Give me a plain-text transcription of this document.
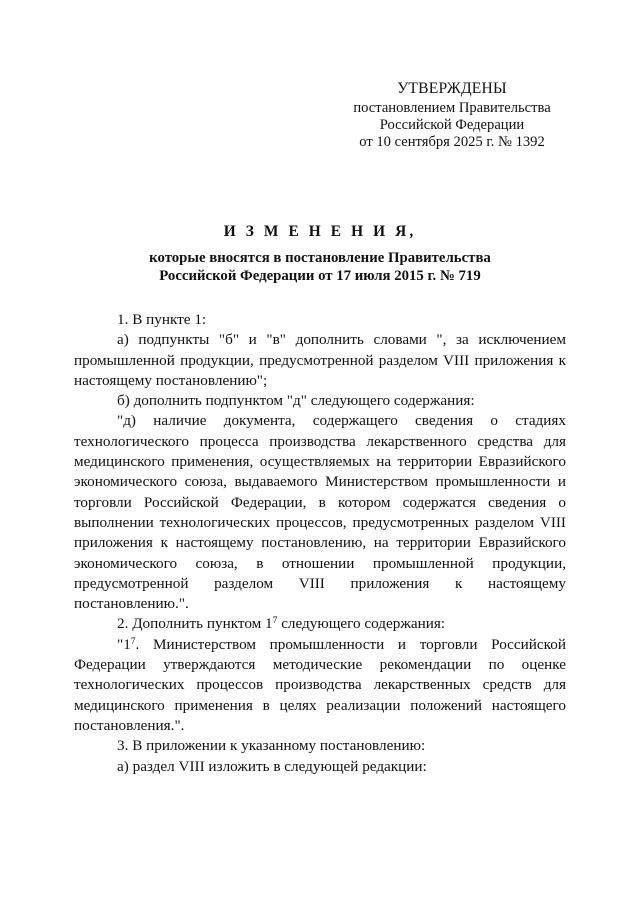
УТВЕРЖДЕНЫ
постановлением Правительства
Российской Федерации
от 10 сентября 2025 г. № 1392
И З М Е Н Е Н И Я,
которые вносятся в постановление Правительства
Российской Федерации от 17 июля 2015 г. № 719

1. В пункте 1:

а) подпункты "б" и "в" дополнить словами ", за исключением промышленной продукции, предусмотренной разделом VIII приложения к настоящему постановлению";

б) дополнить подпунктом "д" следующего содержания:

"д) наличие документа, содержащего сведения о стадиях технологического процесса производства лекарственного средства для медицинского применения, осуществляемых на территории Евразийского экономического союза, выдаваемого Министерством промышленности и торговли Российской Федерации, в котором содержатся сведения о выполнении технологических процессов, предусмотренных разделом VIII приложения к настоящему постановлению, на территории Евразийского экономического союза, в отношении промышленной продукции, предусмотренной разделом VIII приложения к настоящему постановлению.".

2. Дополнить пунктом $1^7$ следующего содержания:

"$1^7$. Министерством промышленности и торговли Российской Федерации утверждаются методические рекомендации по оценке технологических процессов производства лекарственных средств для медицинского применения в целях реализации положений настоящего постановления.".

3. В приложении к указанному постановлению:

а) раздел VIII изложить в следующей редакции:
